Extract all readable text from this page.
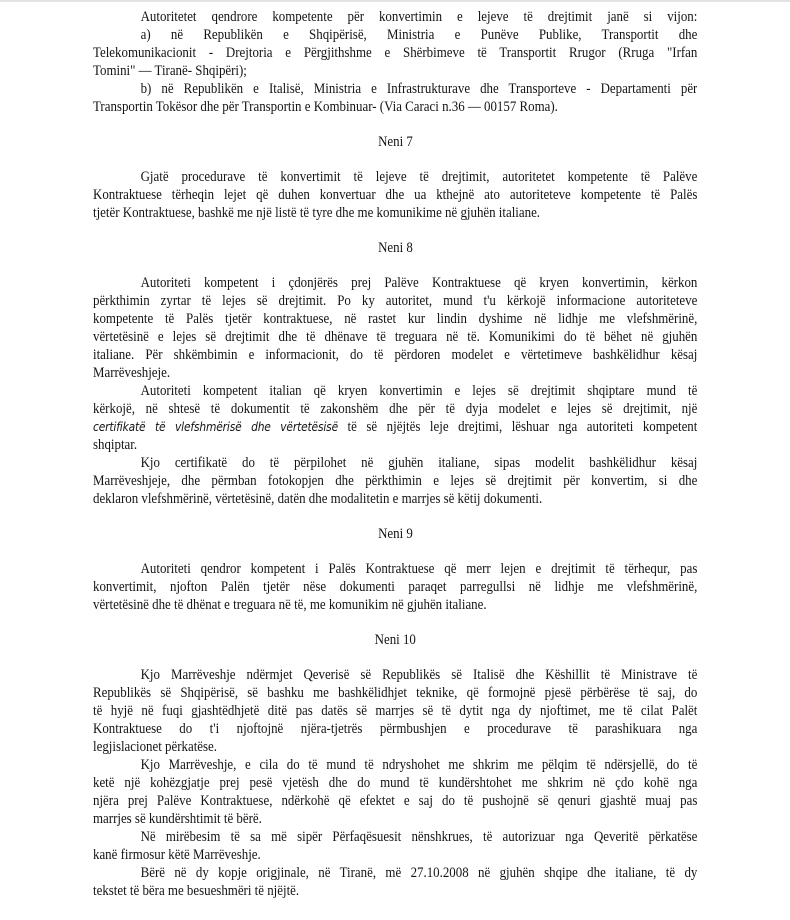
Autoritetet qendrore kompetente për konvertimin e lejeve të drejtimit janë si vijon:
a) në Republikën e Shqipërisë, Ministria e Punëve Publike, Transportit dhe
Telekomunikacionit - Drejtoria e Përgjithshme e Shërbimeve të Transportit Rrugor (Rruga "Irfan
Tomini" — Tiranë- Shqipëri);
b) në Republikën e Italisë, Ministria e Infrastrukturave dhe Transporteve - Departamenti për
Transportin Tokësor dhe për Transportin e Kombinuar- (Via Caraci n.36 — 00157 Roma).
Neni 7
Gjatë procedurave të konvertimit të lejeve të drejtimit, autoritetet kompetente të Palëve
Kontraktuese tërheqin lejet që duhen konvertuar dhe ua kthejnë ato autoriteteve kompetente të Palës
tjetër Kontraktuese, bashkë me një listë të tyre dhe me komunikime në gjuhën italiane.
Neni 8
Autoriteti kompetent i çdonjërës prej Palëve Kontraktuese që kryen konvertimin, kërkon
përkthimin zyrtar të lejes së drejtimit. Po ky autoritet, mund t'u kërkojë informacione autoriteteve
kompetente të Palës tjetër kontraktuese, në rastet kur lindin dyshime në lidhje me vlefshmërinë,
vërtetësinë e lejes së drejtimit dhe të dhënave të treguara në të. Komunikimi do të bëhet në gjuhën
italiane. Për shkëmbimin e informacionit, do të përdoren modelet e vërtetimeve bashkëlidhur kësaj
Marrëveshjeje.
Autoriteti kompetent italian që kryen konvertimin e lejes së drejtimit shqiptare mund të
kërkojë, në shtesë të dokumentit të zakonshëm dhe për të dyja modelet e lejes së drejtimit, një
certifikatë të vlefshmërisë dhe vërtetësisë të së njëjtës leje drejtimi, lëshuar nga autoriteti kompetent
shqiptar.
Kjo certifikatë do të përpilohet në gjuhën italiane, sipas modelit bashkëlidhur kësaj
Marrëveshjeje, dhe përmban fotokopjen dhe përkthimin e lejes së drejtimit për konvertim, si dhe
deklaron vlefshmërinë, vërtetësinë, datën dhe modalitetin e marrjes së këtij dokumenti.
Neni 9
Autoriteti qendror kompetent i Palës Kontraktuese që merr lejen e drejtimit të tërhequr, pas
konvertimit, njofton Palën tjetër nëse dokumenti paraqet parregullsi në lidhje me vlefshmërinë,
vërtetësinë dhe të dhënat e treguara në të, me komunikim në gjuhën italiane.
Neni 10
Kjo Marrëveshje ndërmjet Qeverisë së Republikës së Italisë dhe Këshillit të Ministrave të
Republikës së Shqipërisë, së bashku me bashkëlidhjet teknike, që formojnë pjesë përbërëse të saj, do
të hyjë në fuqi gjashtëdhjetë ditë pas datës së marrjes së të dytit nga dy njoftimet, me të cilat Palët
Kontraktuese do t'i njoftojnë njëra-tjetrës përmbushjen e procedurave të parashikuara nga
legjislacionet përkatëse.
Kjo Marrëveshje, e cila do të mund të ndryshohet me shkrim me pëlqim të ndërsjellë, do të
ketë një kohëzgjatje prej pesë vjetësh dhe do mund të kundërshtohet me shkrim në çdo kohë nga
njëra prej Palëve Kontraktuese, ndërkohë që efektet e saj do të pushojnë së qenuri gjashtë muaj pas
marrjes së kundërshtimit të bërë.
Në mirëbesim të sa më sipër Përfaqësuesit nënshkrues, të autorizuar nga Qeveritë përkatëse
kanë firmosur këtë Marrëveshje.
Bërë në dy kopje origjinale, në Tiranë, më 27.10.2008 në gjuhën shqipe dhe italiane, të dy
tekstet të bëra me besueshmëri të njëjtë.
